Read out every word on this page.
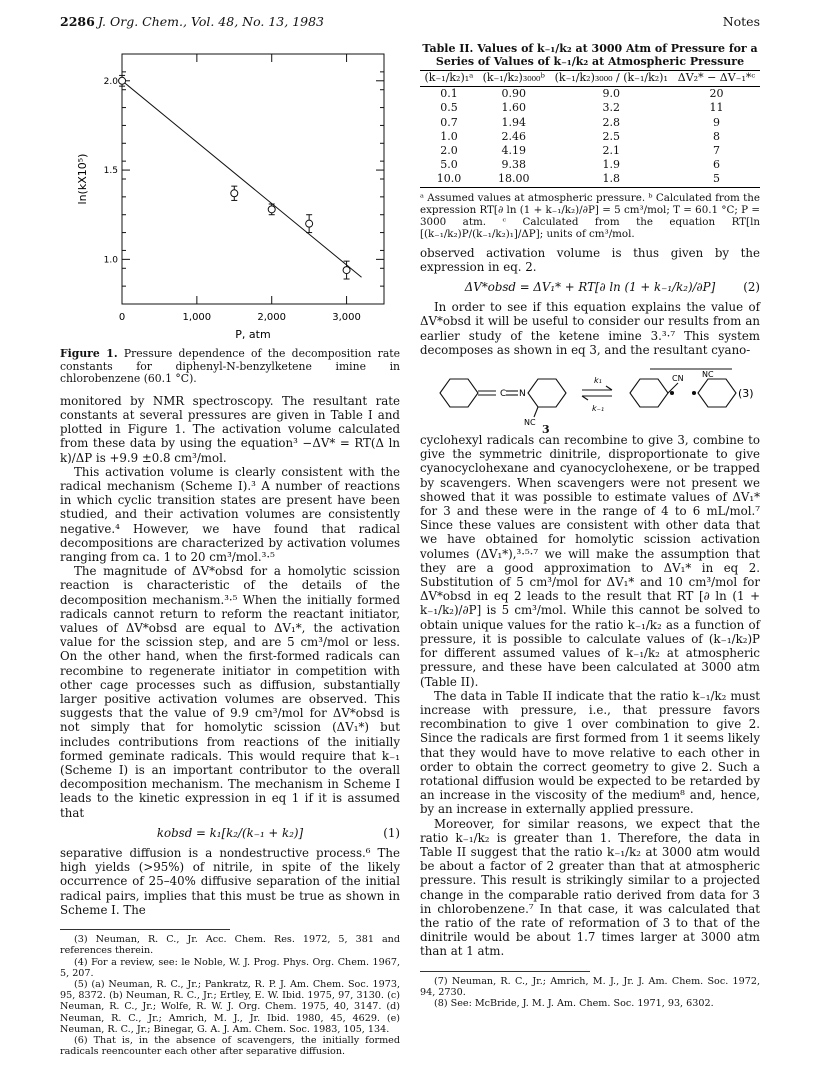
2286 J. Org. Chem., Vol. 48, No. 13, 1983	Notes
0	1,000	2,000	3,000
1.0
1.5
2.0
P, atm
ln(kX10⁵)
Figure 1. Pressure dependence of the decomposition rate constants for diphenyl-N-benzylketene imine in chlorobenzene (60.1 °C).

monitored by NMR spectroscopy. The resultant rate constants at several pressures are given in Table I and plotted in Figure 1. The activation volume calculated from these data by using the equation³ −ΔV* = RT(Δ ln k)/ΔP is +9.9 ±0.8 cm³/mol.

This activation volume is clearly consistent with the radical mechanism (Scheme I).³ A number of reactions in which cyclic transition states are present have been studied, and their activation volumes are consistently negative.⁴ However, we have found that radical decompositions are characterized by activation volumes ranging from ca. 1 to 20 cm³/mol.³·⁵

The magnitude of ΔV*obsd for a homolytic scission reaction is characteristic of the details of the decomposition mechanism.³·⁵ When the initially formed radicals cannot return to reform the reactant initiator, values of ΔV*obsd are equal to ΔV₁*, the activation value for the scission step, and are 5 cm³/mol or less. On the other hand, when the first-formed radicals can recombine to regenerate initiator in competition with other cage processes such as diffusion, substantially larger positive activation volumes are observed. This suggests that the value of 9.9 cm³/mol for ΔV*obsd is not simply that for homolytic scission (ΔV₁*) but includes contributions from reactions of the initially formed geminate radicals. This would require that k₋₁ (Scheme I) is an important contributor to the overall decomposition mechanism. The mechanism in Scheme I leads to the kinetic expression in eq 1 if it is assumed that

kobsd = k₁[k₂/(k₋₁ + k₂)]	(1)

separative diffusion is a nondestructive process.⁶ The high yields (>95%) of nitrile, in spite of the likely occurrence of 25–40% diffusive separation of the initial radical pairs, implies that this must be true as shown in Scheme I. The

(3) Neuman, R. C., Jr. Acc. Chem. Res. 1972, 5, 381 and references therein.

(4) For a review, see: le Noble, W. J. Prog. Phys. Org. Chem. 1967, 5, 207.

(5) (a) Neuman, R. C., Jr.; Pankratz, R. P. J. Am. Chem. Soc. 1973, 95, 8372. (b) Neuman, R. C., Jr.; Ertley, E. W. Ibid. 1975, 97, 3130. (c) Neuman, R. C., Jr.; Wolfe, R. W. J. Org. Chem. 1975, 40, 3147. (d) Neuman, R. C., Jr.; Amrich, M. J., Jr. Ibid. 1980, 45, 4629. (e) Neuman, R. C., Jr.; Binegar, G. A. J. Am. Chem. Soc. 1983, 105, 134.

(6) That is, in the absence of scavengers, the initially formed radicals reencounter each other after separative diffusion.

Table II. Values of k₋₁/k₂ at 3000 Atm of Pressure for a Series of Values of k₋₁/k₂ at Atmospheric Pressure
(k₋₁/k₂)₁ᵃ	(k₋₁/k₂)₃₀₀₀ᵇ	(k₋₁/k₂)₃₀₀₀ / (k₋₁/k₂)₁	ΔV₂* − ΔV₋₁*ᶜ

0.1	0.90	9.0	20
0.5	1.60	3.2	11
0.7	1.94	2.8	9
1.0	2.46	2.5	8
2.0	4.19	2.1	7
5.0	9.38	1.9	6
10.0	18.00	1.8	5
ᵃ Assumed values at atmospheric pressure. ᵇ Calculated from the expression RT[∂ ln (1 + k₋₁/k₂)/∂P] = 5 cm³/mol; T = 60.1 °C; P = 3000 atm. ᶜ Calculated from the equation RT[ln [(k₋₁/k₂)P/(k₋₁/k₂)₁]/ΔP]; units of cm³/mol.

observed activation volume is thus given by the expression in eq. 2.

ΔV*obsd = ΔV₁* + RT[∂ ln (1 + k₋₁/k₂)/∂P] (2)

In order to see if this equation explains the value of ΔV*obsd it will be useful to consider our results from an earlier study of the ketene imine 3.³·⁷ This system decomposes as shown in eq 3, and the resultant cyano-

C N
NC
k₁
k₋₁
CN NC
(3)
3

cyclohexyl radicals can recombine to give 3, combine to give the symmetric dinitrile, disproportionate to give cyanocyclohexane and cyanocyclohexene, or be trapped by scavengers. When scavengers were not present we showed that it was possible to estimate values of ΔV₁* for 3 and these were in the range of 4 to 6 mL/mol.⁷ Since these values are consistent with other data that we have obtained for homolytic scission activation volumes (ΔV₁*),³·⁵·⁷ we will make the assumption that they are a good approximation to ΔV₁* in eq 2. Substitution of 5 cm³/mol for ΔV₁* and 10 cm³/mol for ΔV*obsd in eq 2 leads to the result that RT [∂ ln (1 + k₋₁/k₂)/∂P] is 5 cm³/mol. While this cannot be solved to obtain unique values for the ratio k₋₁/k₂ as a function of pressure, it is possible to calculate values of (k₋₁/k₂)P for different assumed values of k₋₁/k₂ at atmospheric pressure, and these have been calculated at 3000 atm (Table II).

The data in Table II indicate that the ratio k₋₁/k₂ must increase with pressure, i.e., that pressure favors recombination to give 1 over combination to give 2. Since the radicals are first formed from 1 it seems likely that they would have to move relative to each other in order to obtain the correct geometry to give 2. Such a rotational diffusion would be expected to be retarded by an increase in the viscosity of the medium⁸ and, hence, by an increase in externally applied pressure.

Moreover, for similar reasons, we expect that the ratio k₋₁/k₂ is greater than 1. Therefore, the data in Table II suggest that the ratio k₋₁/k₂ at 3000 atm would be about a factor of 2 greater than that at atmospheric pressure. This result is strikingly similar to a projected change in the comparable ratio derived from data for 3 in chlorobenzene.⁷ In that case, it was calculated that the ratio of the rate of reformation of 3 to that of the dinitrile would be about 1.7 times larger at 3000 atm than at 1 atm.

(7) Neuman, R. C., Jr.; Amrich, M. J., Jr. J. Am. Chem. Soc. 1972, 94, 2730.

(8) See: McBride, J. M. J. Am. Chem. Soc. 1971, 93, 6302.
